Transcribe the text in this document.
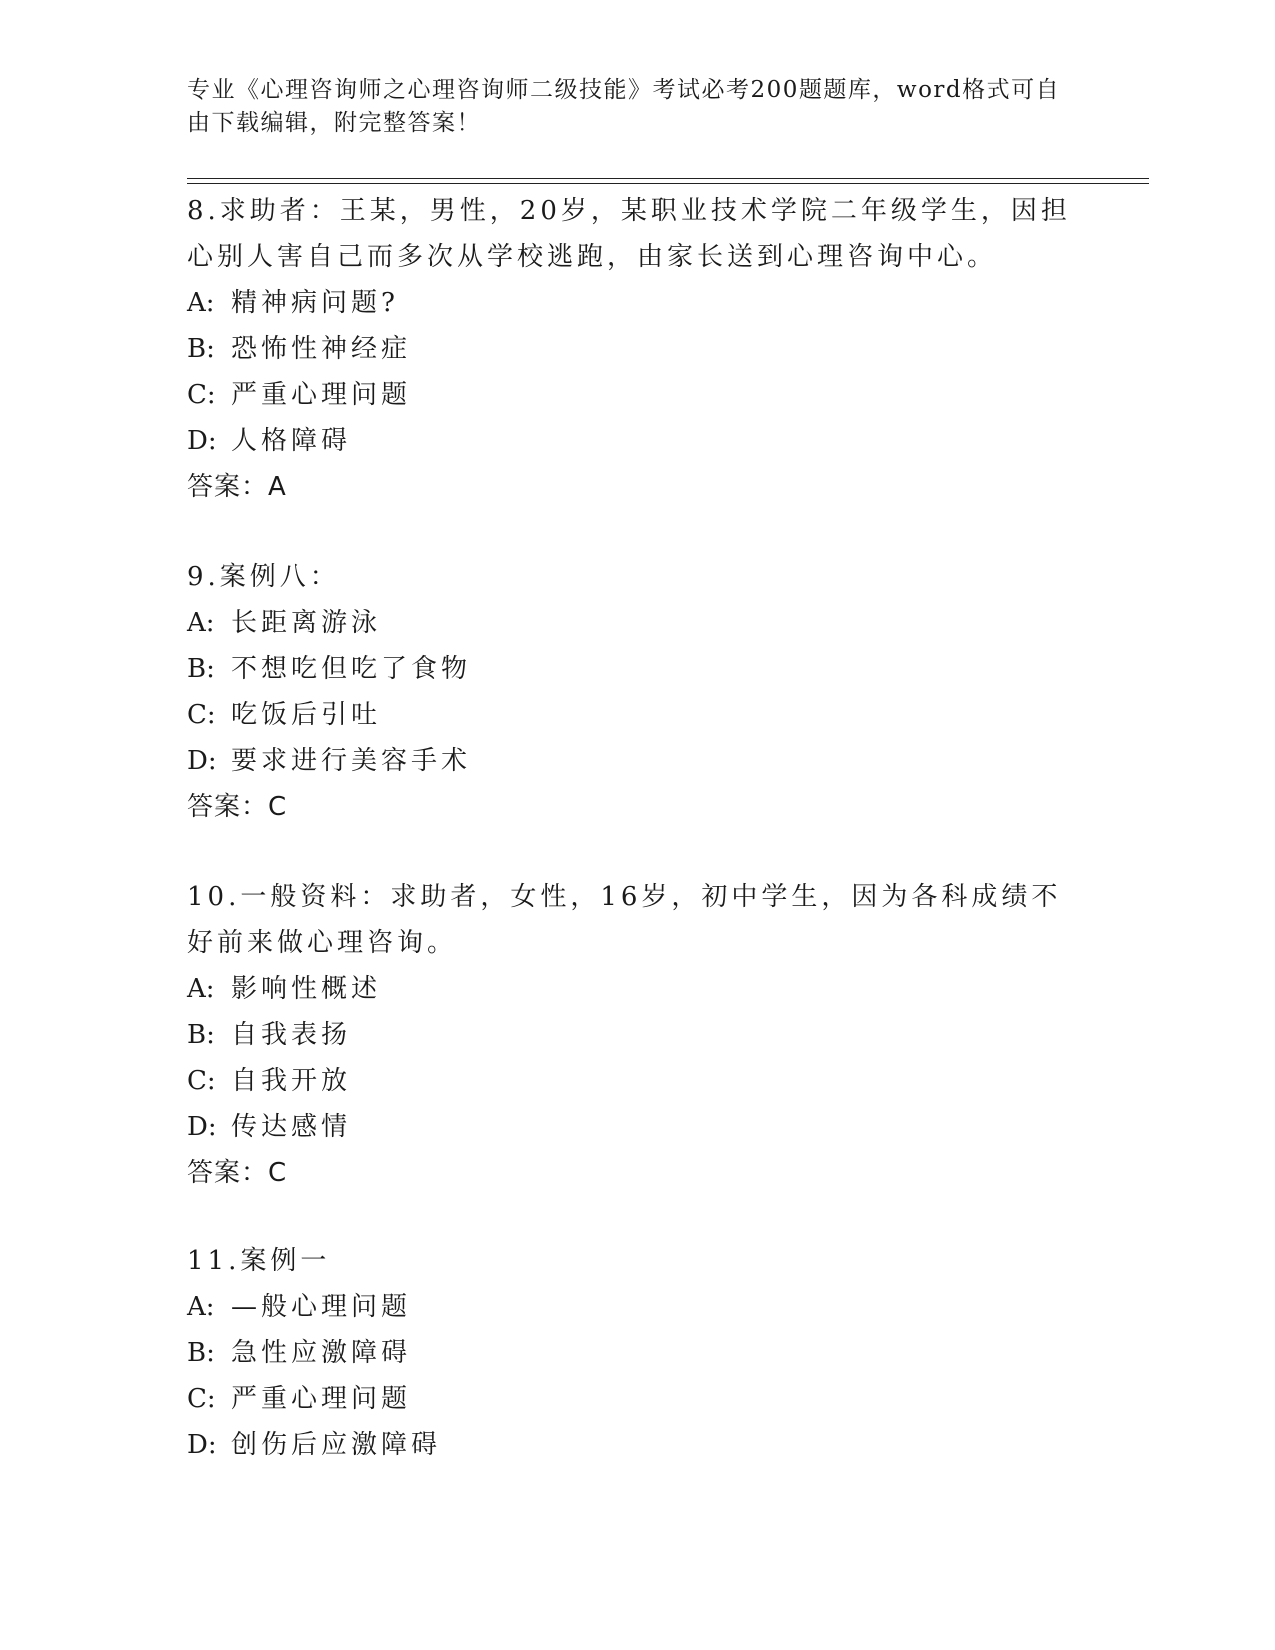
专业《心理咨询师之心理咨询师二级技能》考试必考200题题库，word格式可自由下载编辑，附完整答案！
8.求助者：王某，男性，20岁，某职业技术学院二年级学生，因担心别人害自己而多次从学校逃跑，由家长送到心理咨询中心。
A: 精神病问题?
B: 恐怖性神经症
C: 严重心理问题
D: 人格障碍
答案：A
9.案例八：
A: 长距离游泳
B: 不想吃但吃了食物
C: 吃饭后引吐
D: 要求进行美容手术
答案：C
10.一般资料：求助者，女性，16岁，初中学生，因为各科成绩不好前来做心理咨询。
A: 影响性概述
B: 自我表扬
C: 自我开放
D: 传达感情
答案：C
11.案例一
A: —般心理问题
B: 急性应激障碍
C: 严重心理问题
D: 创伤后应激障碍
